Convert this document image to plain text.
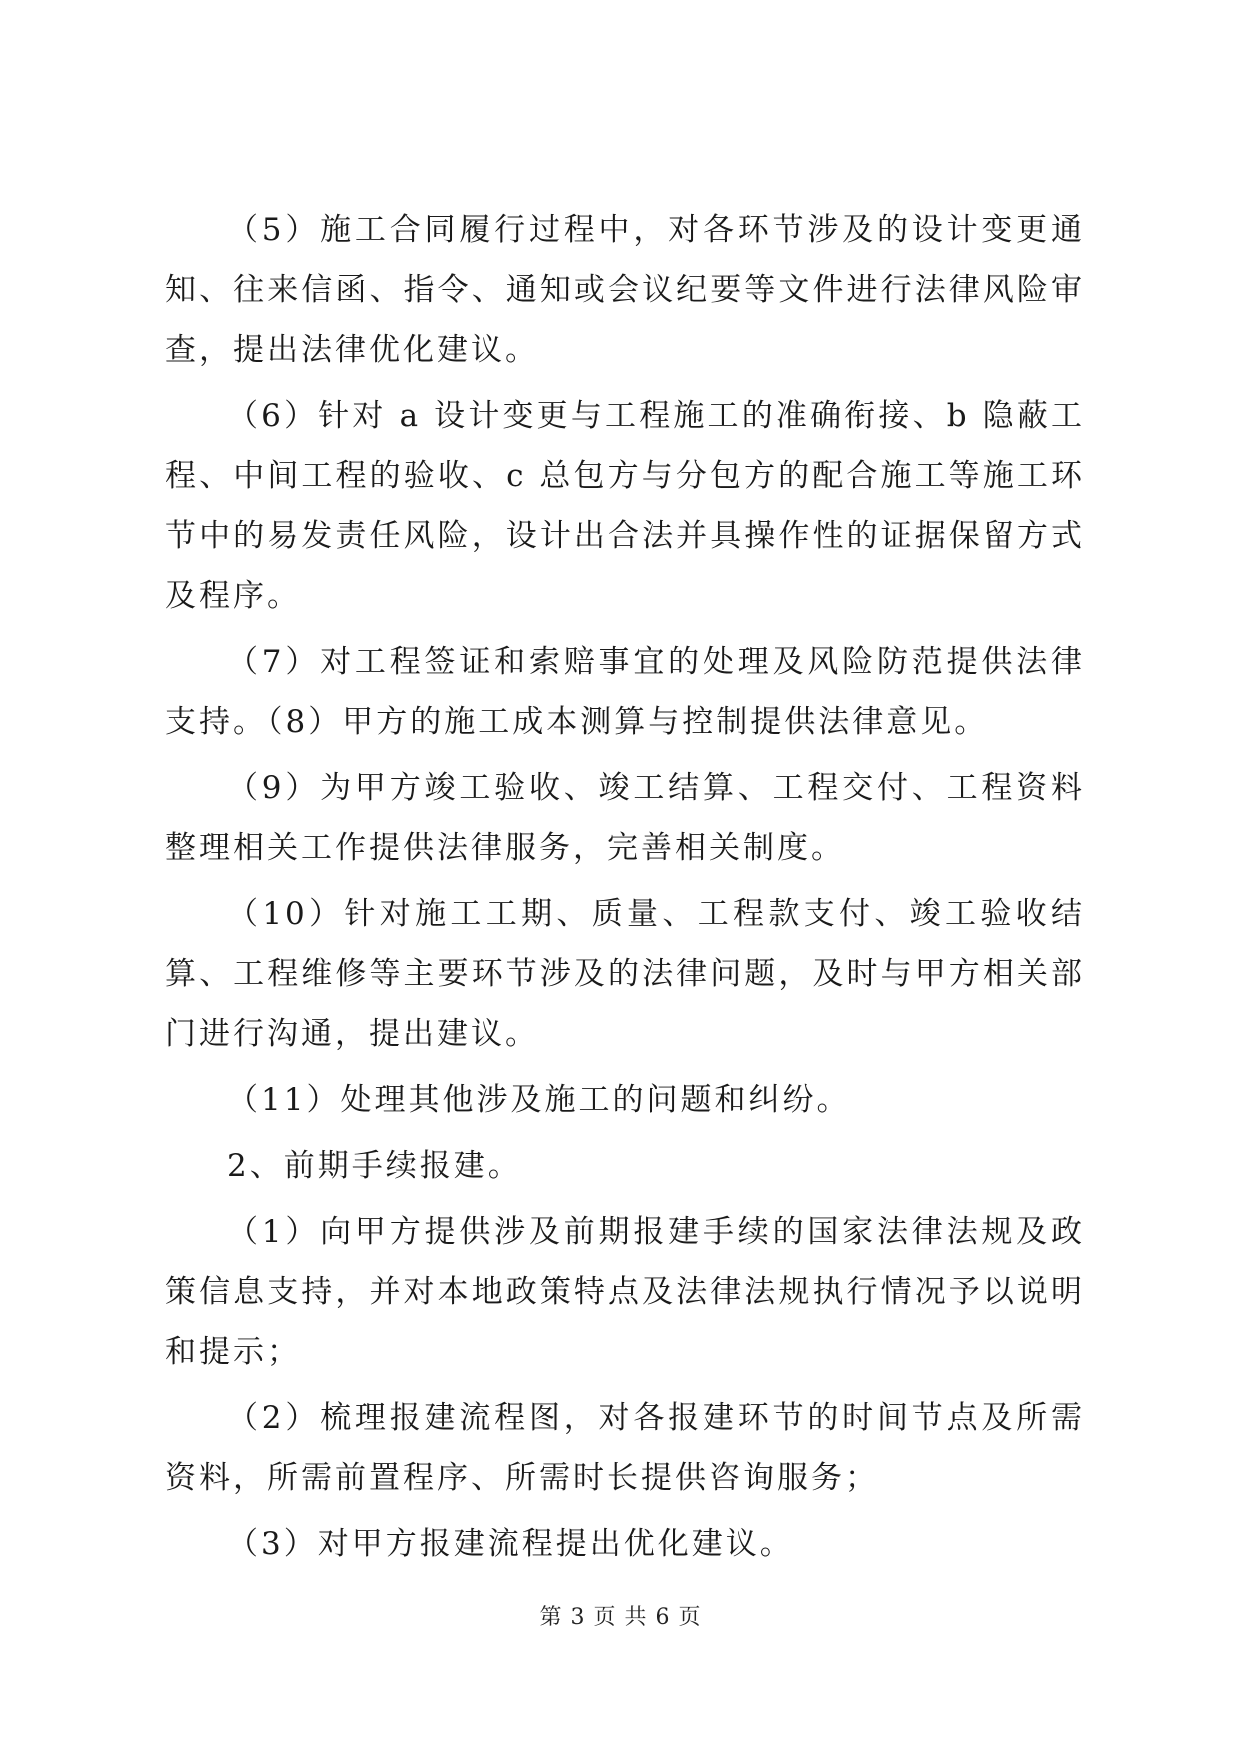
（5）施工合同履行过程中，对各环节涉及的设计变更通知、往来信函、指令、通知或会议纪要等文件进行法律风险审查，提出法律优化建议。

（6）针对 a 设计变更与工程施工的准确衔接、b 隐蔽工程、中间工程的验收、c 总包方与分包方的配合施工等施工环节中的易发责任风险，设计出合法并具操作性的证据保留方式及程序。

（7）对工程签证和索赔事宜的处理及风险防范提供法律支持。（8）甲方的施工成本测算与控制提供法律意见。

（9）为甲方竣工验收、竣工结算、工程交付、工程资料整理相关工作提供法律服务，完善相关制度。

（10）针对施工工期、质量、工程款支付、竣工验收结算、工程维修等主要环节涉及的法律问题，及时与甲方相关部门进行沟通，提出建议。

（11）处理其他涉及施工的问题和纠纷。

2、前期手续报建。

（1）向甲方提供涉及前期报建手续的国家法律法规及政策信息支持，并对本地政策特点及法律法规执行情况予以说明和提示；

（2）梳理报建流程图，对各报建环节的时间节点及所需资料，所需前置程序、所需时长提供咨询服务；

（3）对甲方报建流程提出优化建议。

第 3 页 共 6 页
